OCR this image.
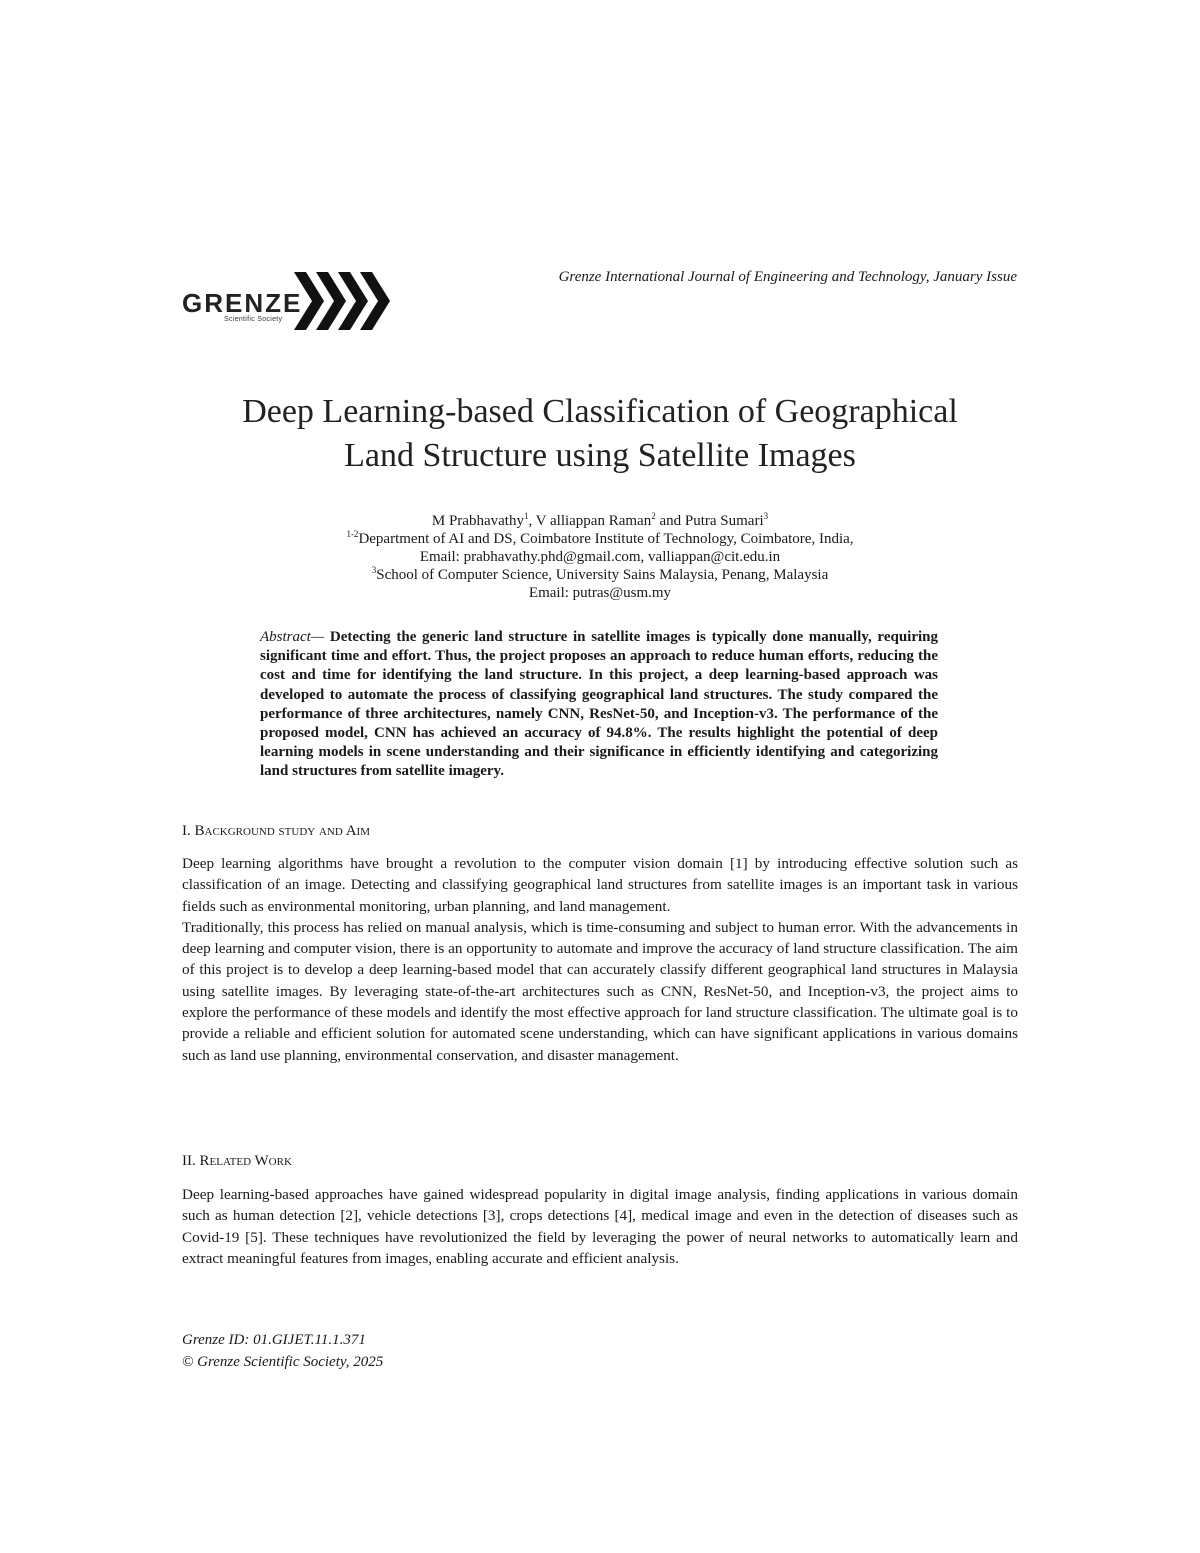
GRENZE
Scientific Society
Grenze International Journal of Engineering and Technology, January Issue
Deep Learning-based Classification of Geographical
Land Structure using Satellite Images
M Prabhavathy$^1$, V alliappan Raman$^2$ and Putra Sumari$^3$
$^{1-2}$Department of AI and DS, Coimbatore Institute of Technology, Coimbatore, India,
Email: prabhavathy.phd@gmail.com, valliappan@cit.edu.in
$^3$School of Computer Science, University Sains Malaysia, Penang, Malaysia
Email: putras@usm.my
Abstract— Detecting the generic land structure in satellite images is typically done manually, requiring significant time and effort. Thus, the project proposes an approach to reduce human efforts, reducing the cost and time for identifying the land structure. In this project, a deep learning-based approach was developed to automate the process of classifying geographical land structures. The study compared the performance of three architectures, namely CNN, ResNet-50, and Inception-v3. The performance of the proposed model, CNN has achieved an accuracy of 94.8%. The results highlight the potential of deep learning models in scene understanding and their significance in efficiently identifying and categorizing land structures from satellite imagery.
I. Background study and Aim

Deep learning algorithms have brought a revolution to the computer vision domain [1] by introducing effective solution such as classification of an image. Detecting and classifying geographical land structures from satellite images is an important task in various fields such as environmental monitoring, urban planning, and land management.

Traditionally, this process has relied on manual analysis, which is time-consuming and subject to human error. With the advancements in deep learning and computer vision, there is an opportunity to automate and improve the accuracy of land structure classification. The aim of this project is to develop a deep learning-based model that can accurately classify different geographical land structures in Malaysia using satellite images. By leveraging state-of-the-art architectures such as CNN, ResNet-50, and Inception-v3, the project aims to explore the performance of these models and identify the most effective approach for land structure classification. The ultimate goal is to provide a reliable and efficient solution for automated scene understanding, which can have significant applications in various domains such as land use planning, environmental conservation, and disaster management.

II. Related Work

Deep learning-based approaches have gained widespread popularity in digital image analysis, finding applications in various domain such as human detection [2], vehicle detections [3], crops detections [4], medical image and even in the detection of diseases such as Covid-19 [5]. These techniques have revolutionized the field by leveraging the power of neural networks to automatically learn and extract meaningful features from images, enabling accurate and efficient analysis.

Grenze ID: 01.GIJET.11.1.371
© Grenze Scientific Society, 2025
